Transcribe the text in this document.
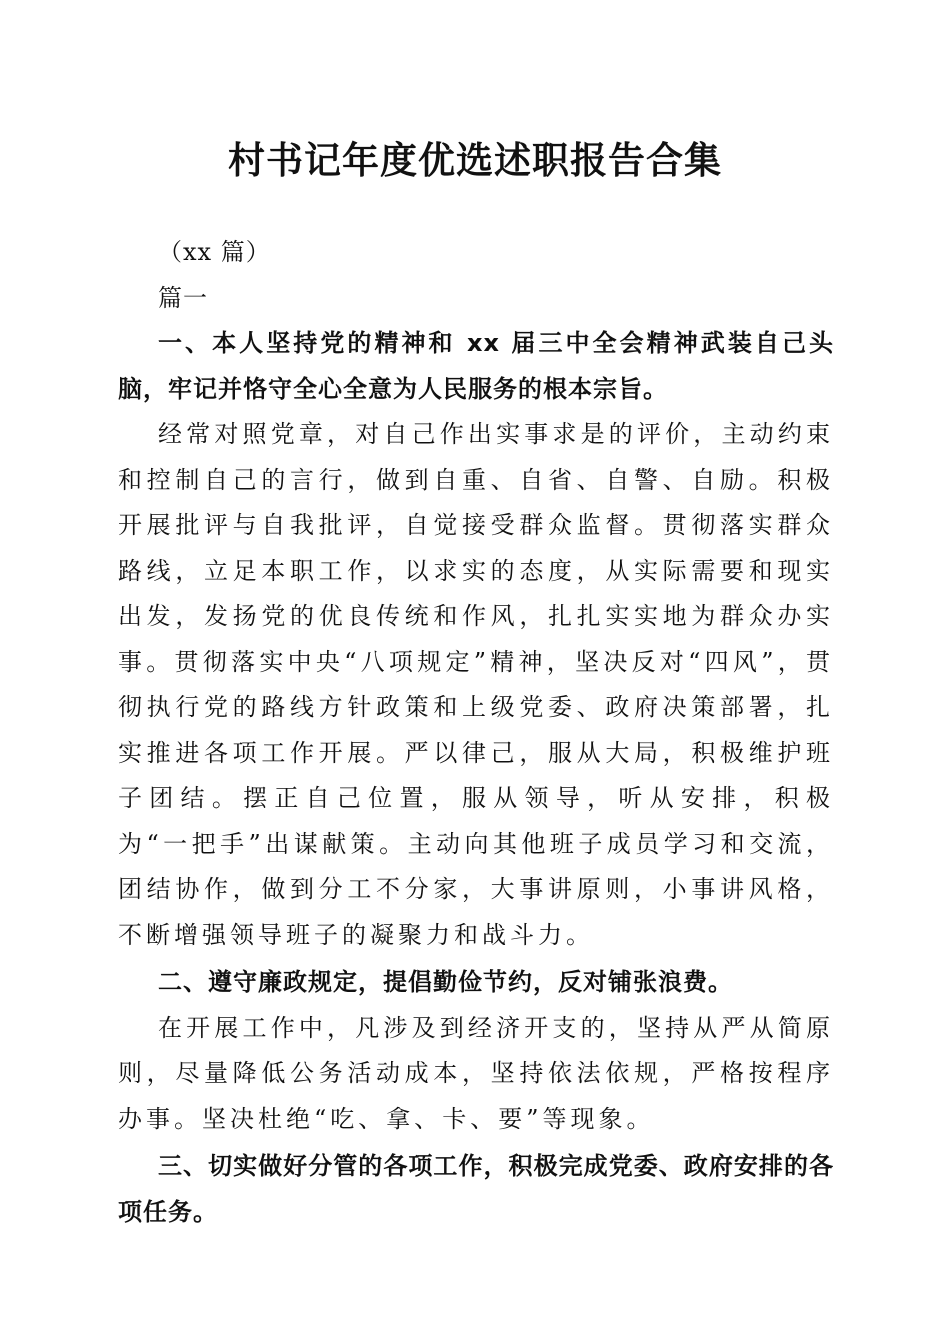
村书记年度优选述职报告合集

（xx 篇）

篇一

一、本人坚持党的精神和 xx 届三中全会精神武装自己头脑，牢记并恪守全心全意为人民服务的根本宗旨。

经常对照党章，对自己作出实事求是的评价，主动约束和控制自己的言行，做到自重、自省、自警、自励。积极开展批评与自我批评，自觉接受群众监督。贯彻落实群众路线，立足本职工作，以求实的态度，从实际需要和现实出发，发扬党的优良传统和作风，扎扎实实地为群众办实事。贯彻落实中央“八项规定”精神，坚决反对“四风”，贯彻执行党的路线方针政策和上级党委、政府决策部署，扎实推进各项工作开展。严以律己，服从大局，积极维护班子团结。摆正自己位置，服从领导，听从安排，积极为“一把手”出谋献策。主动向其他班子成员学习和交流，团结协作，做到分工不分家，大事讲原则，小事讲风格，不断增强领导班子的凝聚力和战斗力。

二、遵守廉政规定，提倡勤俭节约，反对铺张浪费。

在开展工作中，凡涉及到经济开支的，坚持从严从简原则，尽量降低公务活动成本，坚持依法依规，严格按程序办事。坚决杜绝“吃、拿、卡、要”等现象。

三、切实做好分管的各项工作，积极完成党委、政府安排的各项任务。
